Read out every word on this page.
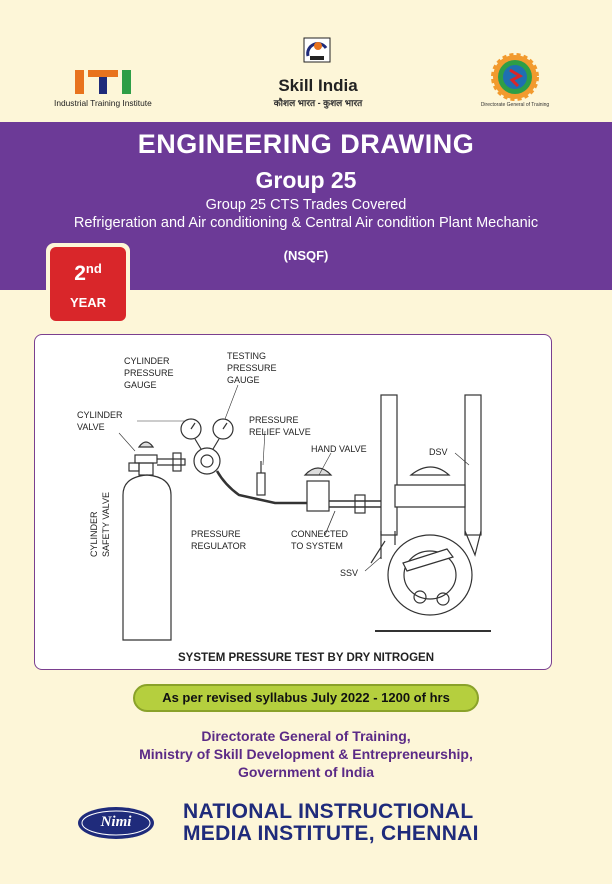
Industrial Training Institute
Skill India
कौशल भारत - कुशल भारत	Directorate General of Training
ENGINEERING DRAWING
Group 25
Group 25 CTS Trades Covered
Refrigeration and Air conditioning & Central Air condition Plant Mechanic
(NSQF)
2nd
YEAR
CYLINDER
PRESSURE
GAUGE
TESTING
PRESSURE
GAUGE
CYLINDER
VALVE
PRESSURE
RELIEF VALVE
HAND VALVE	DSV
PRESSURE
REGULATOR
CONNECTED
TO SYSTEM
SSV
CYLINDER SAFETY VALVE
SYSTEM PRESSURE TEST BY DRY NITROGEN
As per revised syllabus July 2022 - 1200 of hrs
Directorate General of Training,
Ministry of Skill Development & Entrepreneurship,
Government of India
Nimi	NATIONAL INSTRUCTIONAL
MEDIA INSTITUTE, CHENNAI
